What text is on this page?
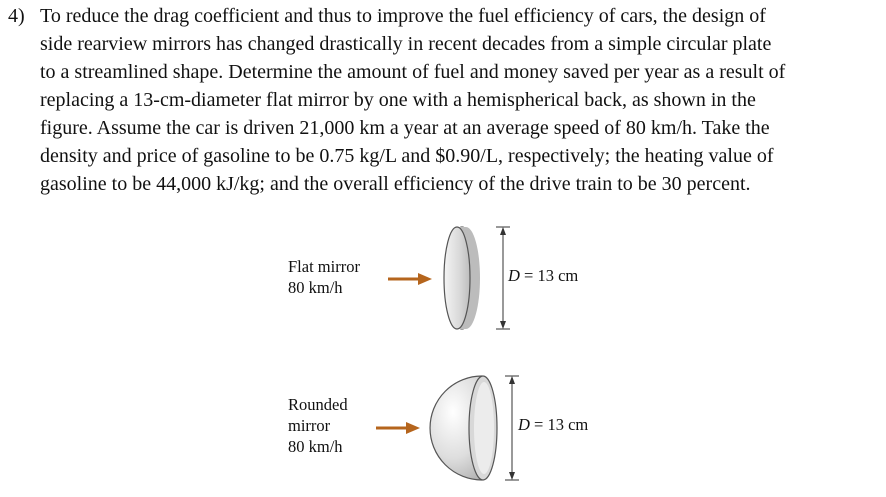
4) To reduce the drag coefficient and thus to improve the fuel efficiency of cars, the design of
side rearview mirrors has changed drastically in recent decades from a simple circular plate
to a streamlined shape. Determine the amount of fuel and money saved per year as a result of
replacing a 13-cm-diameter flat mirror by one with a hemispherical back, as shown in the
figure. Assume the car is driven 21,000 km a year at an average speed of 80 km/h. Take the
density and price of gasoline to be 0.75 kg/L and $0.90/L, respectively; the heating value of
gasoline to be 44,000 kJ/kg; and the overall efficiency of the drive train to be 30 percent.
Flat mirror
80 km/h
D = 13 cm
Rounded
mirror
80 km/h
D = 13 cm
